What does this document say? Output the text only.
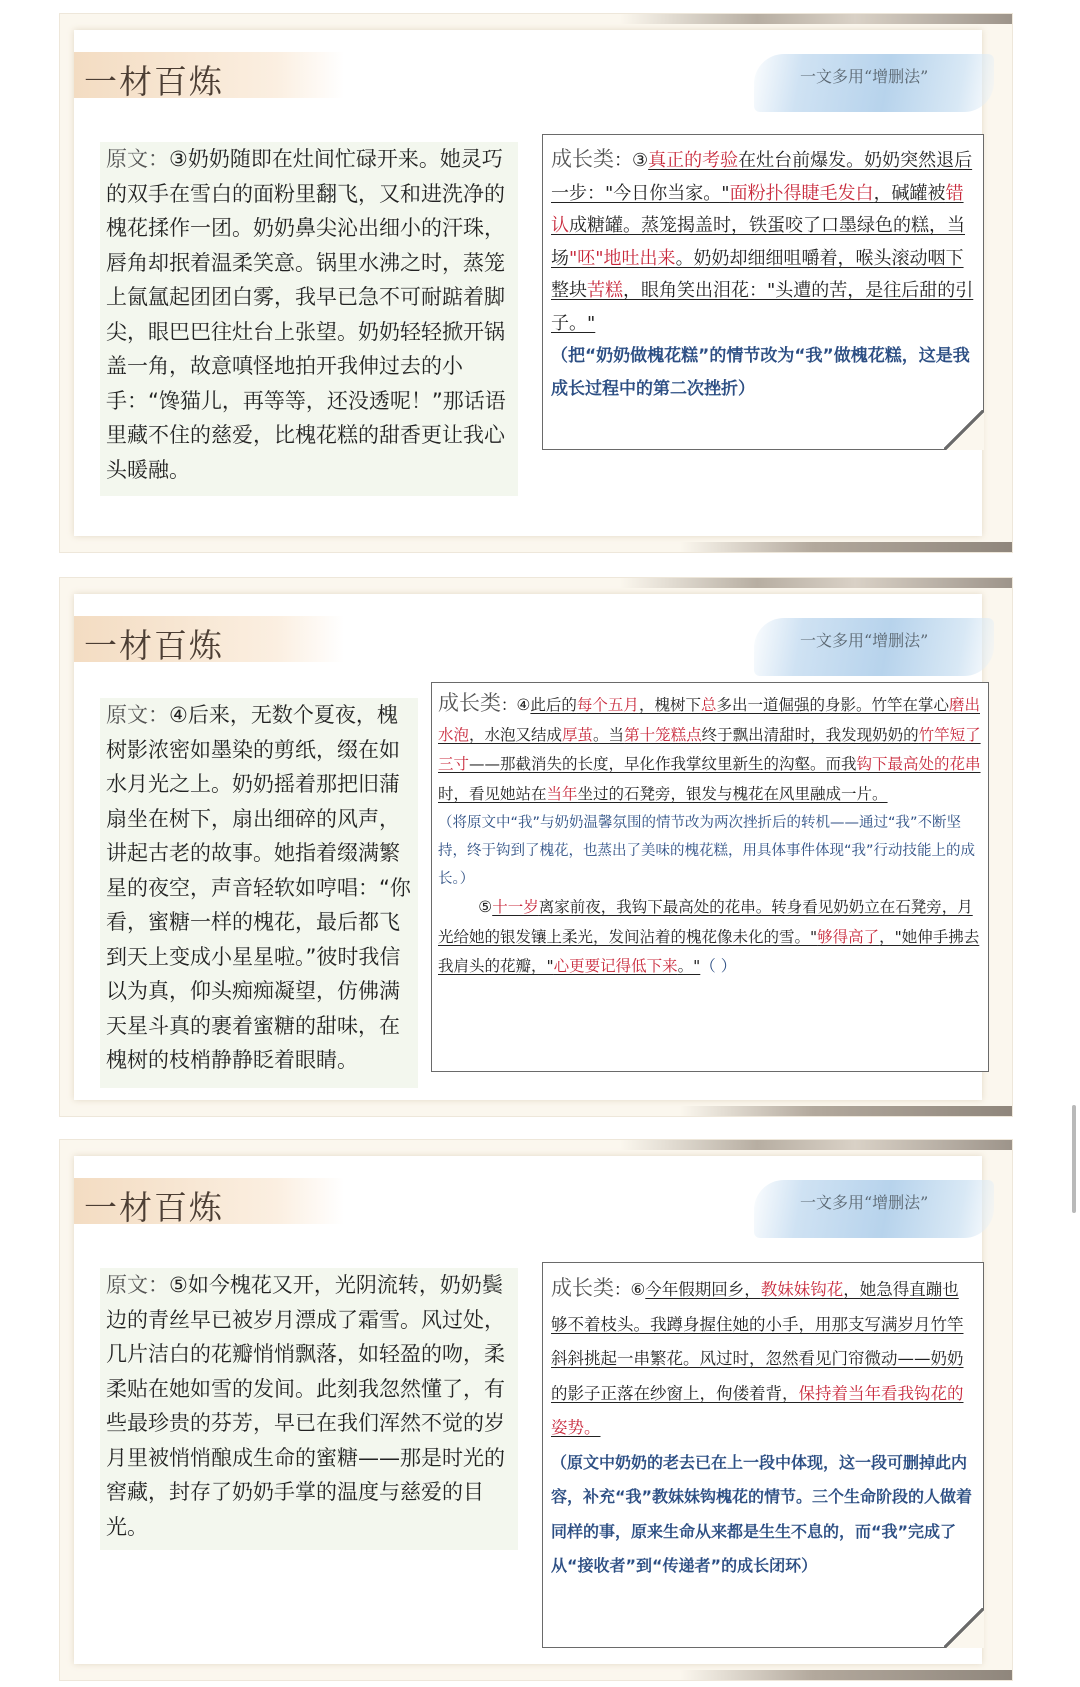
一材百炼	一文多用“增删法”
原文：③奶奶随即在灶间忙碌开来。她灵巧的双手在雪白的面粉里翻飞，又和进洗净的槐花揉作一团。奶奶鼻尖沁出细小的汗珠，唇角却抿着温柔笑意。锅里水沸之时，蒸笼上氤氲起团团白雾，我早已急不可耐踮着脚尖，眼巴巴往灶台上张望。奶奶轻轻掀开锅盖一角，故意嗔怪地拍开我伸过去的小手：“馋猫儿，再等等，还没透呢！”那话语里藏不住的慈爱，比槐花糕的甜香更让我心头暖融。
成长类：③真正的考验在灶台前爆发。奶奶突然退后一步："今日你当家。"面粉扑得睫毛发白，碱罐被错认成糖罐。蒸笼揭盖时，铁蛋咬了口墨绿色的糕，当场"呸"地吐出来。奶奶却细细咀嚼着，喉头滚动咽下整块苦糕，眼角笑出泪花："头遭的苦，是往后甜的引子。"
（把“奶奶做槐花糕”的情节改为“我”做槐花糕，这是我成长过程中的第二次挫折）
一材百炼	一文多用“增删法”
原文：④后来，无数个夏夜，槐树影浓密如墨染的剪纸，缀在如水月光之上。奶奶摇着那把旧蒲扇坐在树下，扇出细碎的风声，讲起古老的故事。她指着缀满繁星的夜空，声音轻软如哼唱：“你看，蜜糖一样的槐花，最后都飞到天上变成小星星啦。”彼时我信以为真，仰头痴痴凝望，仿佛满天星斗真的裹着蜜糖的甜味，在槐树的枝梢静静眨着眼睛。
成长类：④此后的每个五月，槐树下总多出一道倔强的身影。竹竿在掌心磨出水泡，水泡又结成厚茧。当第十笼糕点终于飘出清甜时，我发现奶奶的竹竿短了三寸——那截消失的长度，早化作我掌纹里新生的沟壑。而我钩下最高处的花串时，看见她站在当年坐过的石凳旁，银发与槐花在风里融成一片。
（将原文中“我”与奶奶温馨氛围的情节改为两次挫折后的转机——通过“我”不断坚持，终于钩到了槐花，也蒸出了美味的槐花糕，用具体事件体现“我”行动技能上的成长。）
⑤十一岁离家前夜，我钩下最高处的花串。转身看见奶奶立在石凳旁，月光给她的银发镶上柔光，发间沾着的槐花像未化的雪。"够得高了，"她伸手拂去我肩头的花瓣，"心更要记得低下来。"（ ）
一材百炼	一文多用“增删法”
原文：⑤如今槐花又开，光阴流转，奶奶鬓边的青丝早已被岁月漂成了霜雪。风过处，几片洁白的花瓣悄悄飘落，如轻盈的吻，柔柔贴在她如雪的发间。此刻我忽然懂了，有些最珍贵的芬芳，早已在我们浑然不觉的岁月里被悄悄酿成生命的蜜糖——那是时光的窖藏，封存了奶奶手掌的温度与慈爱的目光。
成长类：⑥今年假期回乡，教妹妹钩花，她急得直蹦也够不着枝头。我蹲身握住她的小手，用那支写满岁月竹竿斜斜挑起一串繁花。风过时，忽然看见门帘微动——奶奶的影子正落在纱窗上，佝偻着背，保持着当年看我钩花的姿势。
（原文中奶奶的老去已在上一段中体现，这一段可删掉此内容，补充“我”教妹妹钩槐花的情节。三个生命阶段的人做着同样的事，原来生命从来都是生生不息的，而“我”完成了从“接收者”到“传递者”的成长闭环）
